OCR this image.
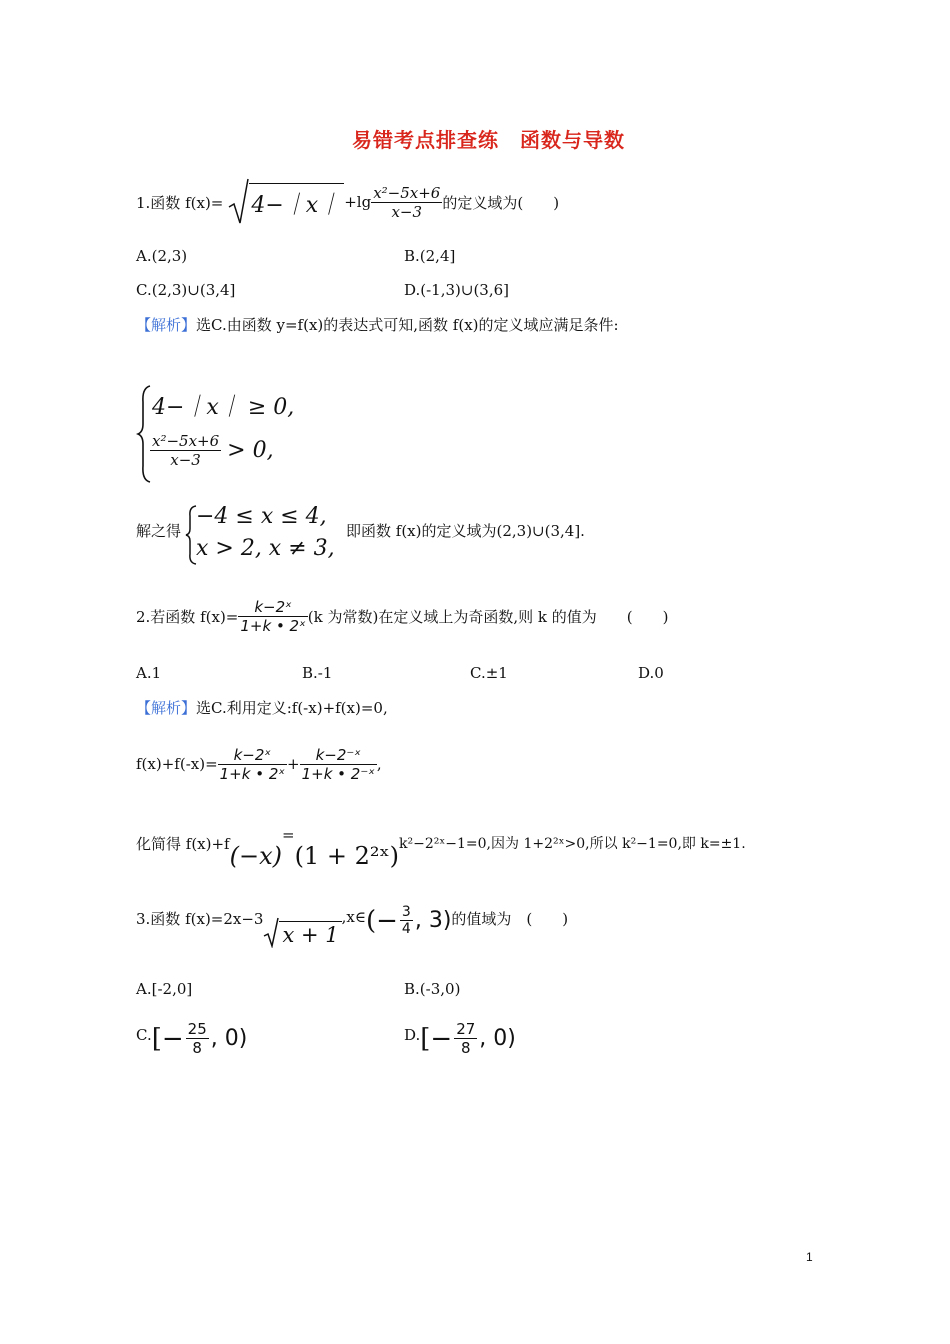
易错考点排查练　函数与导数
1.函数 f(x)= 4−｜x｜ $+\lg \frac{\text{x²−5x+6}}{x-3}$ 的定义域为(　　)
A.(2,3)	B.(2,4]
C.(2,3)∪(3,4]	D.(-1,3)∪(3,6]
【解析】选C.由函数 y=f(x)的表达式可知,函数 f(x)的定义域应满足条件:
4−｜x｜ ≥ 0,
$\frac{\text{x²−5x+6}}{x-3} > 0$,
解之得
−4 ≤ x ≤ 4,
x > 2, x ≠ 3,
即函数 f(x)的定义域为(2,3)∪(3,4].
2.若函数 $f(x)= \frac{\text{k−2ˣ}}{\text{1+k • 2ˣ}} (k$ 为常数)在定义域上为奇函数,则 k 的值为　　(　　)
A.1	B.-1	C.±1	D.0
【解析】选C.利用定义:f(-x)+f(x)=0,
$f(x)+f(-x)= \frac{\text{k−2ˣ}}{\text{1+k • 2ˣ}} + \frac{\text{k−2⁻ˣ}}{\text{1+k • 2⁻ˣ}}$ ,
化简得 f(x)+f (−x)
=
(1 + 2²ˣ) k²−2²ˣ−1=0,因为 1+2²ˣ>0,所以 k²−1=0,即 k=±1.
3.函数 f(x)=2x−3
x + 1
,x∈ (− $\frac{3}{4}$ , 3) 的值域为　(　　)
A.[-2,0]	B.(-3,0)
C. [− $\frac{25}{8}$ , 0)	D. [− $\frac{27}{8}$ , 0)
1
